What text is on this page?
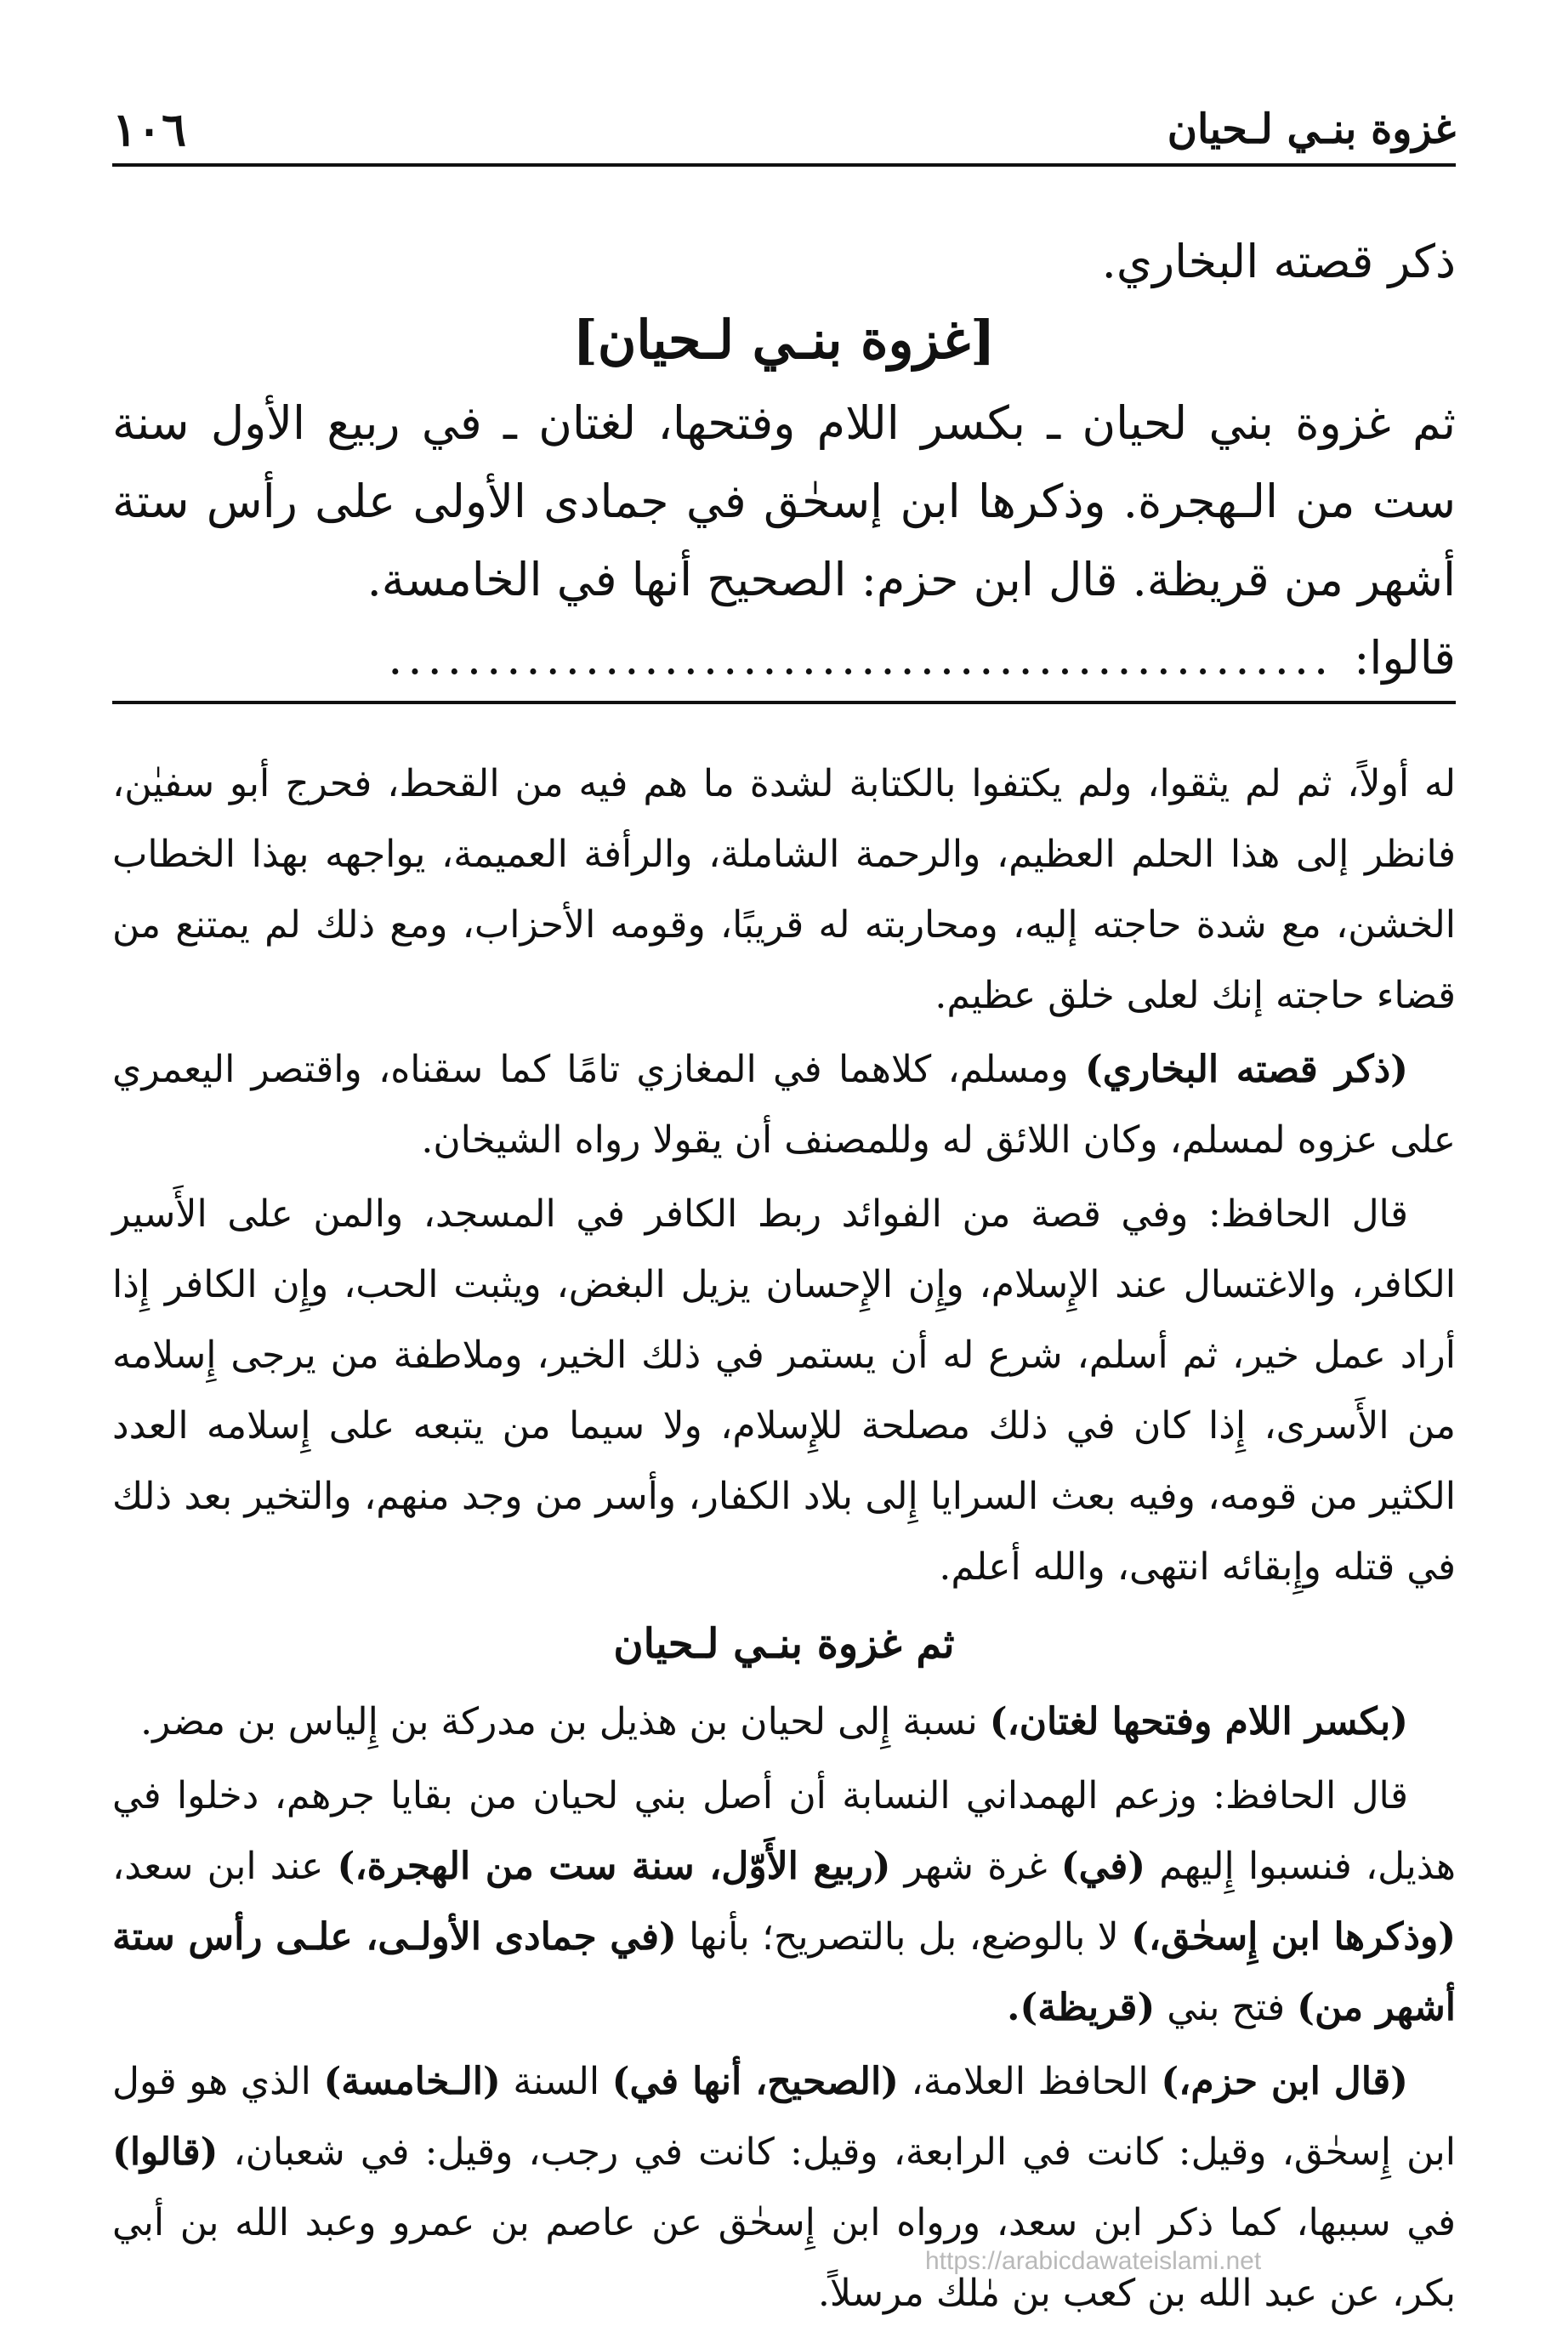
غزوة بنـي لـحيان
١٠٦

ذكر قصته البخاري.

[غزوة بنـي لـحيان]

ثم غزوة بني لحيان ـ بكسر اللام وفتحها، لغتان ـ في ربيع الأول سنة ست من الـهجرة. وذكرها ابن إسحٰق في جمادى الأولى على رأس ستة أشهر من قريظة. قال ابن حزم: الصحيح أنها في الخامسة.

قالوا:
................................................

له أولاً، ثم لم يثقوا، ولم يكتفوا بالكتابة لشدة ما هم فيه من القحط، فحرج أبو سفيٰن، فانظر إلى هذا الحلم العظيم، والرحمة الشاملة، والرأفة العميمة، يواجهه بهذا الخطاب الخشن، مع شدة حاجته إليه، ومحاربته له قريبًا، وقومه الأحزاب، ومع ذلك لم يمتنع من قضاء حاجته إنك لعلى خلق عظيم.

(ذكر قصته البخاري) ومسلم، كلاهما في المغازي تامًا كما سقناه، واقتصر اليعمري على عزوه لمسلم، وكان اللائق له وللمصنف أن يقولا رواه الشيخان.

قال الحافظ: وفي قصة من الفوائد ربط الكافر في المسجد، والمن على الأَسير الكافر، والاغتسال عند الإِسلام، وإِن الإِحسان يزيل البغض، ويثبت الحب، وإِن الكافر إِذا أراد عمل خير، ثم أسلم، شرع له أن يستمر في ذلك الخير، وملاطفة من يرجى إِسلامه من الأَسرى، إِذا كان في ذلك مصلحة للإِسلام، ولا سيما من يتبعه على إِسلامه العدد الكثير من قومه، وفيه بعث السرايا إِلى بلاد الكفار، وأسر من وجد منهم، والتخير بعد ذلك في قتله وإِبقائه انتهى، والله أعلم.

ثم غزوة بنـي لـحيان

(بكسر اللام وفتحها لغتان،) نسبة إِلى لحيان بن هذيل بن مدركة بن إِلياس بن مضر.

قال الحافظ: وزعم الهمداني النسابة أن أصل بني لحيان من بقايا جرهم، دخلوا في هذيل، فنسبوا إِليهم (في) غرة شهر (ربيع الأَوّل، سنة ست من الهجرة،) عند ابن سعد، (وذكرها ابن إِسحٰق،) لا بالوضع، بل بالتصريح؛ بأنها (في جمادى الأولـى، علـى رأس ستة أشهر من) فتح بني (قريظة).

(قال ابن حزم،) الحافظ العلامة، (الصحيح، أنها في) السنة (الـخامسة) الذي هو قول ابن إِسحٰق، وقيل: كانت في الرابعة، وقيل: كانت في رجب، وقيل: في شعبان، (قالوا) في سببها، كما ذكر ابن سعد، ورواه ابن إِسحٰق عن عاصم بن عمرو وعبد الله بن أبي بكر، عن عبد الله بن كعب بن مٰلك مرسلاً.

https://arabicdawateislami.net
